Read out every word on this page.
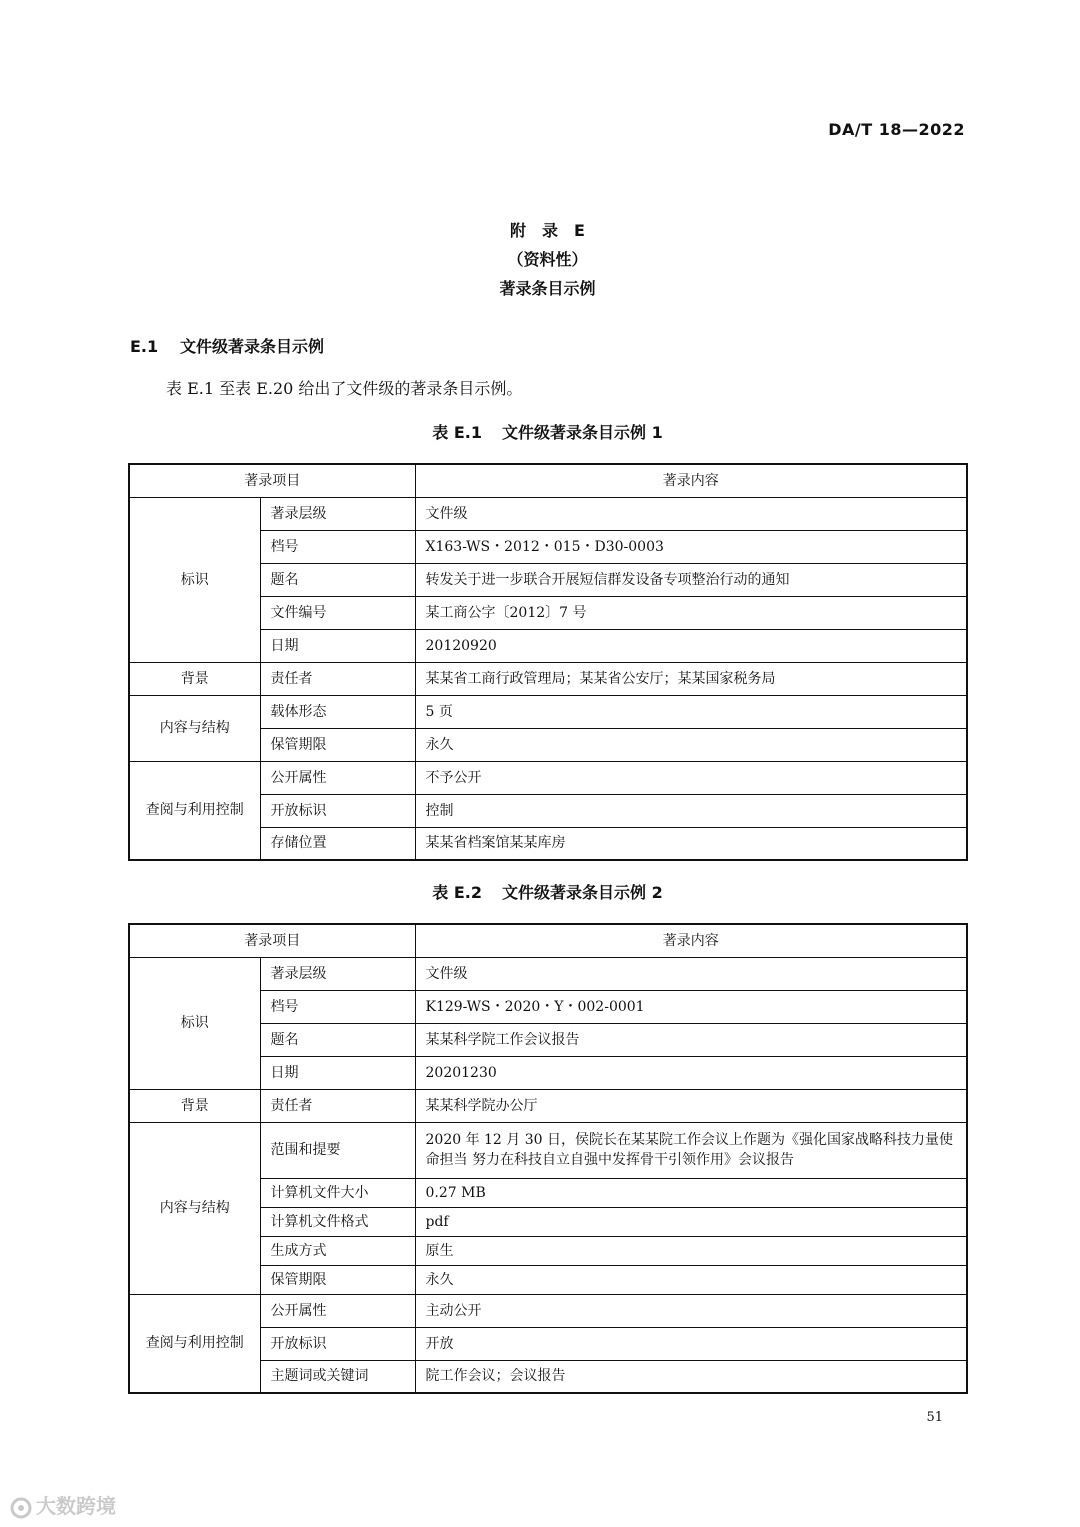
DA/T 18—2022
附　录　E
（资料性）
著录条目示例
E.1 文件级著录条目示例
表 E.1 至表 E.20 给出了文件级的著录条目示例。
表 E.1 文件级著录条目示例 1
著录项目		著录内容
标识	著录层级	文件级
	档号	X163-WS・2012・015・D30-0003
	题名	转发关于进一步联合开展短信群发设备专项整治行动的通知
	文件编号	某工商公字〔2012〕7 号
	日期	20120920
背景	责任者	某某省工商行政管理局；某某省公安厅；某某国家税务局
内容与结构	载体形态	5 页
	保管期限	永久
查阅与利用控制	公开属性	不予公开
	开放标识	控制
	存储位置	某某省档案馆某某库房
表 E.2 文件级著录条目示例 2
著录项目		著录内容
标识	著录层级	文件级
	档号	K129-WS・2020・Y・002-0001
	题名	某某科学院工作会议报告
	日期	20201230
背景	责任者	某某科学院办公厅
内容与结构	范围和提要	2020 年 12 月 30 日，侯院长在某某院工作会议上作题为《强化国家战略科技力量使命担当 努力在科技自立自强中发挥骨干引领作用》会议报告
	计算机文件大小	0.27 MB
	计算机文件格式	pdf
	生成方式	原生
	保管期限	永久
查阅与利用控制	公开属性	主动公开
	开放标识	开放
	主题词或关键词	院工作会议；会议报告
51
大数跨境
